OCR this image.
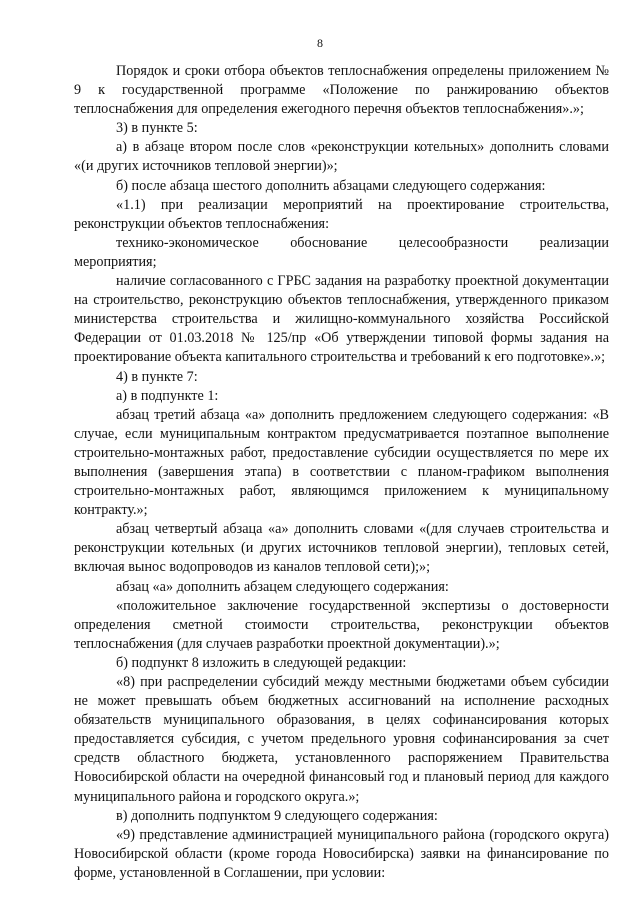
8

Порядок и сроки отбора объектов теплоснабжения определены приложением № 9 к государственной программе «Положение по ранжированию объектов теплоснабжения для определения ежегодного перечня объектов теплоснабжения».»;

3) в пункте 5:

а) в абзаце втором после слов «реконструкции котельных» дополнить словами «(и других источников тепловой энергии)»;

б) после абзаца шестого дополнить абзацами следующего содержания:

«1.1) при реализации мероприятий на проектирование строительства, реконструкции объектов теплоснабжения:

технико-экономическое обоснование целесообразности реализации мероприятия;

наличие согласованного с ГРБС задания на разработку проектной документации на строительство, реконструкцию объектов теплоснабжения, утвержденного приказом министерства строительства и жилищно-коммунального хозяйства Российской Федерации от 01.03.2018 № 125/пр «Об утверждении типовой формы задания на проектирование объекта капитального строительства и требований к его подготовке».»;

4) в пункте 7:

а) в подпункте 1:

абзац третий абзаца «а» дополнить предложением следующего содержания: «В случае, если муниципальным контрактом предусматривается поэтапное выполнение строительно-монтажных работ, предоставление субсидии осуществляется по мере их выполнения (завершения этапа) в соответствии с планом-графиком выполнения строительно-монтажных работ, являющимся приложением к муниципальному контракту.»;

абзац четвертый абзаца «а» дополнить словами «(для случаев строительства и реконструкции котельных (и других источников тепловой энергии), тепловых сетей, включая вынос водопроводов из каналов тепловой сети);»;

абзац «а» дополнить абзацем следующего содержания:

«положительное заключение государственной экспертизы о достоверности определения сметной стоимости строительства, реконструкции объектов теплоснабжения (для случаев разработки проектной документации).»;

б) подпункт 8 изложить в следующей редакции:

«8) при распределении субсидий между местными бюджетами объем субсидии не может превышать объем бюджетных ассигнований на исполнение расходных обязательств муниципального образования, в целях софинансирования которых предоставляется субсидия, с учетом предельного уровня софинансирования за счет средств областного бюджета, установленного распоряжением Правительства Новосибирской области на очередной финансовый год и плановый период для каждого муниципального района и городского округа.»;

в) дополнить подпунктом 9 следующего содержания:

«9) представление администрацией муниципального района (городского округа) Новосибирской области (кроме города Новосибирска) заявки на финансирование по форме, установленной в Соглашении, при условии:
